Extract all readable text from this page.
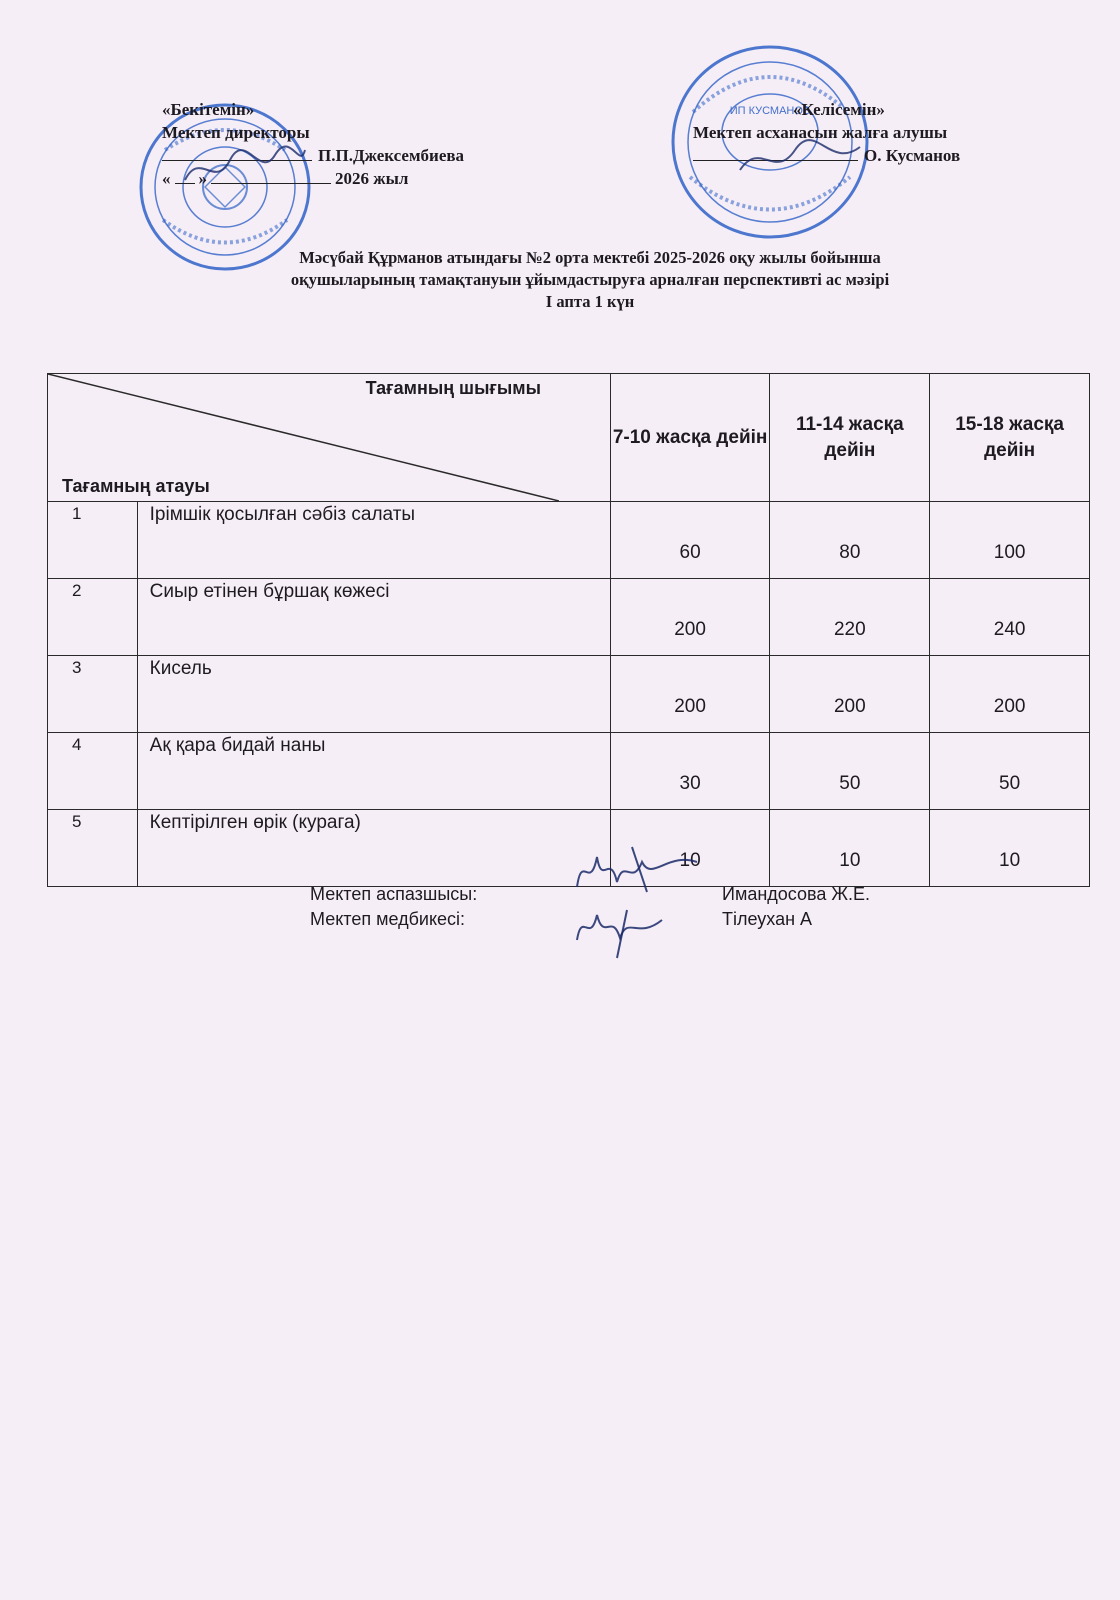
ИП КУСМАНОВ
«Бекітемін»
Мектеп директоры
П.П.Джексембиева
« »	2026 жыл
«Келісемін»
Мектеп асханасын жалға алушы
О. Кусманов
Мәсүбай Құрманов атындағы №2 орта мектебі 2025-2026 оқу жылы бойынша
оқушыларының тамақтануын ұйымдастыруға арналған перспективті ас мәзірі
I апта 1 күн
Тағамның шығымы
Тағамның атауы		7-10 жасқа дейін	11-14 жасқа дейін	15-18 жасқа дейін
1	Ірімшік қосылған сәбіз салаты	60	80	100
2	Сиыр етінен бұршақ көжесі	200	220	240
3	Кисель	200	200	200
4	Ақ қара бидай наны	30	50	50
5	Кептірілген өрік (курага)	10	10	10
Мектеп аспазшысы:	Имандосова Ж.Е.
Мектеп медбикесі:	Тілеухан А
